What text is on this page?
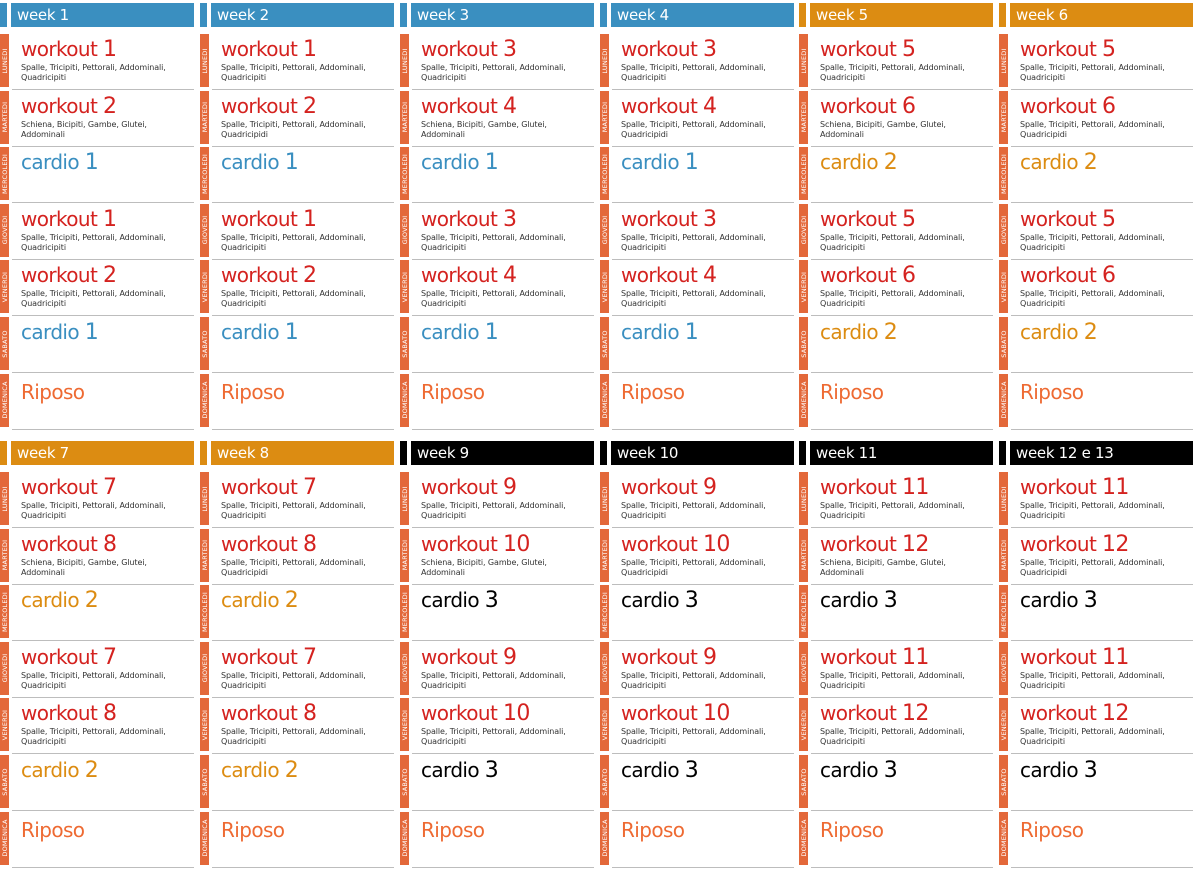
week 1
LUNEDI workout 1
Spalle, Tricipiti, Pettorali, Addominali, Quadricipiti
MARTEDI workout 2
Schiena, Bicipiti, Gambe, Glutei, Addominali
MERCOLEDI cardio 1
GIOVEDI workout 1
Spalle, Tricipiti, Pettorali, Addominali, Quadricipiti
VENERDI workout 2
Spalle, Tricipiti, Pettorali, Addominali, Quadricipiti
SABATO cardio 1
DOMENICA Riposo
week 2
LUNEDI workout 1
Spalle, Tricipiti, Pettorali, Addominali, Quadricipiti
MARTEDI workout 2
Spalle, Tricipiti, Pettorali, Addominali, Quadricipidi
MERCOLEDI cardio 1
GIOVEDI workout 1
Spalle, Tricipiti, Pettorali, Addominali, Quadricipiti
VENERDI workout 2
Spalle, Tricipiti, Pettorali, Addominali, Quadricipiti
SABATO cardio 1
DOMENICA Riposo
week 3
LUNEDI workout 3
Spalle, Tricipiti, Pettorali, Addominali, Quadricipiti
MARTEDI workout 4
Schiena, Bicipiti, Gambe, Glutei, Addominali
MERCOLEDI cardio 1
GIOVEDI workout 3
Spalle, Tricipiti, Pettorali, Addominali, Quadricipiti
VENERDI workout 4
Spalle, Tricipiti, Pettorali, Addominali, Quadricipiti
SABATO cardio 1
DOMENICA Riposo
week 4
LUNEDI workout 3
Spalle, Tricipiti, Pettorali, Addominali, Quadricipiti
MARTEDI workout 4
Spalle, Tricipiti, Pettorali, Addominali, Quadricipidi
MERCOLEDI cardio 1
GIOVEDI workout 3
Spalle, Tricipiti, Pettorali, Addominali, Quadricipiti
VENERDI workout 4
Spalle, Tricipiti, Pettorali, Addominali, Quadricipiti
SABATO cardio 1
DOMENICA Riposo
week 5
LUNEDI workout 5
Spalle, Tricipiti, Pettorali, Addominali, Quadricipiti
MARTEDI workout 6
Schiena, Bicipiti, Gambe, Glutei, Addominali
MERCOLEDI cardio 2
GIOVEDI workout 5
Spalle, Tricipiti, Pettorali, Addominali, Quadricipiti
VENERDI workout 6
Spalle, Tricipiti, Pettorali, Addominali, Quadricipiti
SABATO cardio 2
DOMENICA Riposo
week 6
LUNEDI workout 5
Spalle, Tricipiti, Pettorali, Addominali, Quadricipiti
MARTEDI workout 6
Spalle, Tricipiti, Pettorali, Addominali, Quadricipidi
MERCOLEDI cardio 2
GIOVEDI workout 5
Spalle, Tricipiti, Pettorali, Addominali, Quadricipiti
VENERDI workout 6
Spalle, Tricipiti, Pettorali, Addominali, Quadricipiti
SABATO cardio 2
DOMENICA Riposo
week 7
LUNEDI workout 7
Spalle, Tricipiti, Pettorali, Addominali, Quadricipiti
MARTEDI workout 8
Schiena, Bicipiti, Gambe, Glutei, Addominali
MERCOLEDI cardio 2
GIOVEDI workout 7
Spalle, Tricipiti, Pettorali, Addominali, Quadricipiti
VENERDI workout 8
Spalle, Tricipiti, Pettorali, Addominali, Quadricipiti
SABATO cardio 2
DOMENICA Riposo
week 8
LUNEDI workout 7
Spalle, Tricipiti, Pettorali, Addominali, Quadricipiti
MARTEDI workout 8
Spalle, Tricipiti, Pettorali, Addominali, Quadricipidi
MERCOLEDI cardio 2
GIOVEDI workout 7
Spalle, Tricipiti, Pettorali, Addominali, Quadricipiti
VENERDI workout 8
Spalle, Tricipiti, Pettorali, Addominali, Quadricipiti
SABATO cardio 2
DOMENICA Riposo
week 9
LUNEDI workout 9
Spalle, Tricipiti, Pettorali, Addominali, Quadricipiti
MARTEDI workout 10
Schiena, Bicipiti, Gambe, Glutei, Addominali
MERCOLEDI cardio 3
GIOVEDI workout 9
Spalle, Tricipiti, Pettorali, Addominali, Quadricipiti
VENERDI workout 10
Spalle, Tricipiti, Pettorali, Addominali, Quadricipiti
SABATO cardio 3
DOMENICA Riposo
week 10
LUNEDI workout 9
Spalle, Tricipiti, Pettorali, Addominali, Quadricipiti
MARTEDI workout 10
Spalle, Tricipiti, Pettorali, Addominali, Quadricipidi
MERCOLEDI cardio 3
GIOVEDI workout 9
Spalle, Tricipiti, Pettorali, Addominali, Quadricipiti
VENERDI workout 10
Spalle, Tricipiti, Pettorali, Addominali, Quadricipiti
SABATO cardio 3
DOMENICA Riposo
week 11
LUNEDI workout 11
Spalle, Tricipiti, Pettorali, Addominali, Quadricipiti
MARTEDI workout 12
Schiena, Bicipiti, Gambe, Glutei, Addominali
MERCOLEDI cardio 3
GIOVEDI workout 11
Spalle, Tricipiti, Pettorali, Addominali, Quadricipiti
VENERDI workout 12
Spalle, Tricipiti, Pettorali, Addominali, Quadricipiti
SABATO cardio 3
DOMENICA Riposo
week 12 e 13
LUNEDI workout 11
Spalle, Tricipiti, Pettorali, Addominali, Quadricipiti
MARTEDI workout 12
Spalle, Tricipiti, Pettorali, Addominali, Quadricipidi
MERCOLEDI cardio 3
GIOVEDI workout 11
Spalle, Tricipiti, Pettorali, Addominali, Quadricipiti
VENERDI workout 12
Spalle, Tricipiti, Pettorali, Addominali, Quadricipiti
SABATO cardio 3
DOMENICA Riposo
